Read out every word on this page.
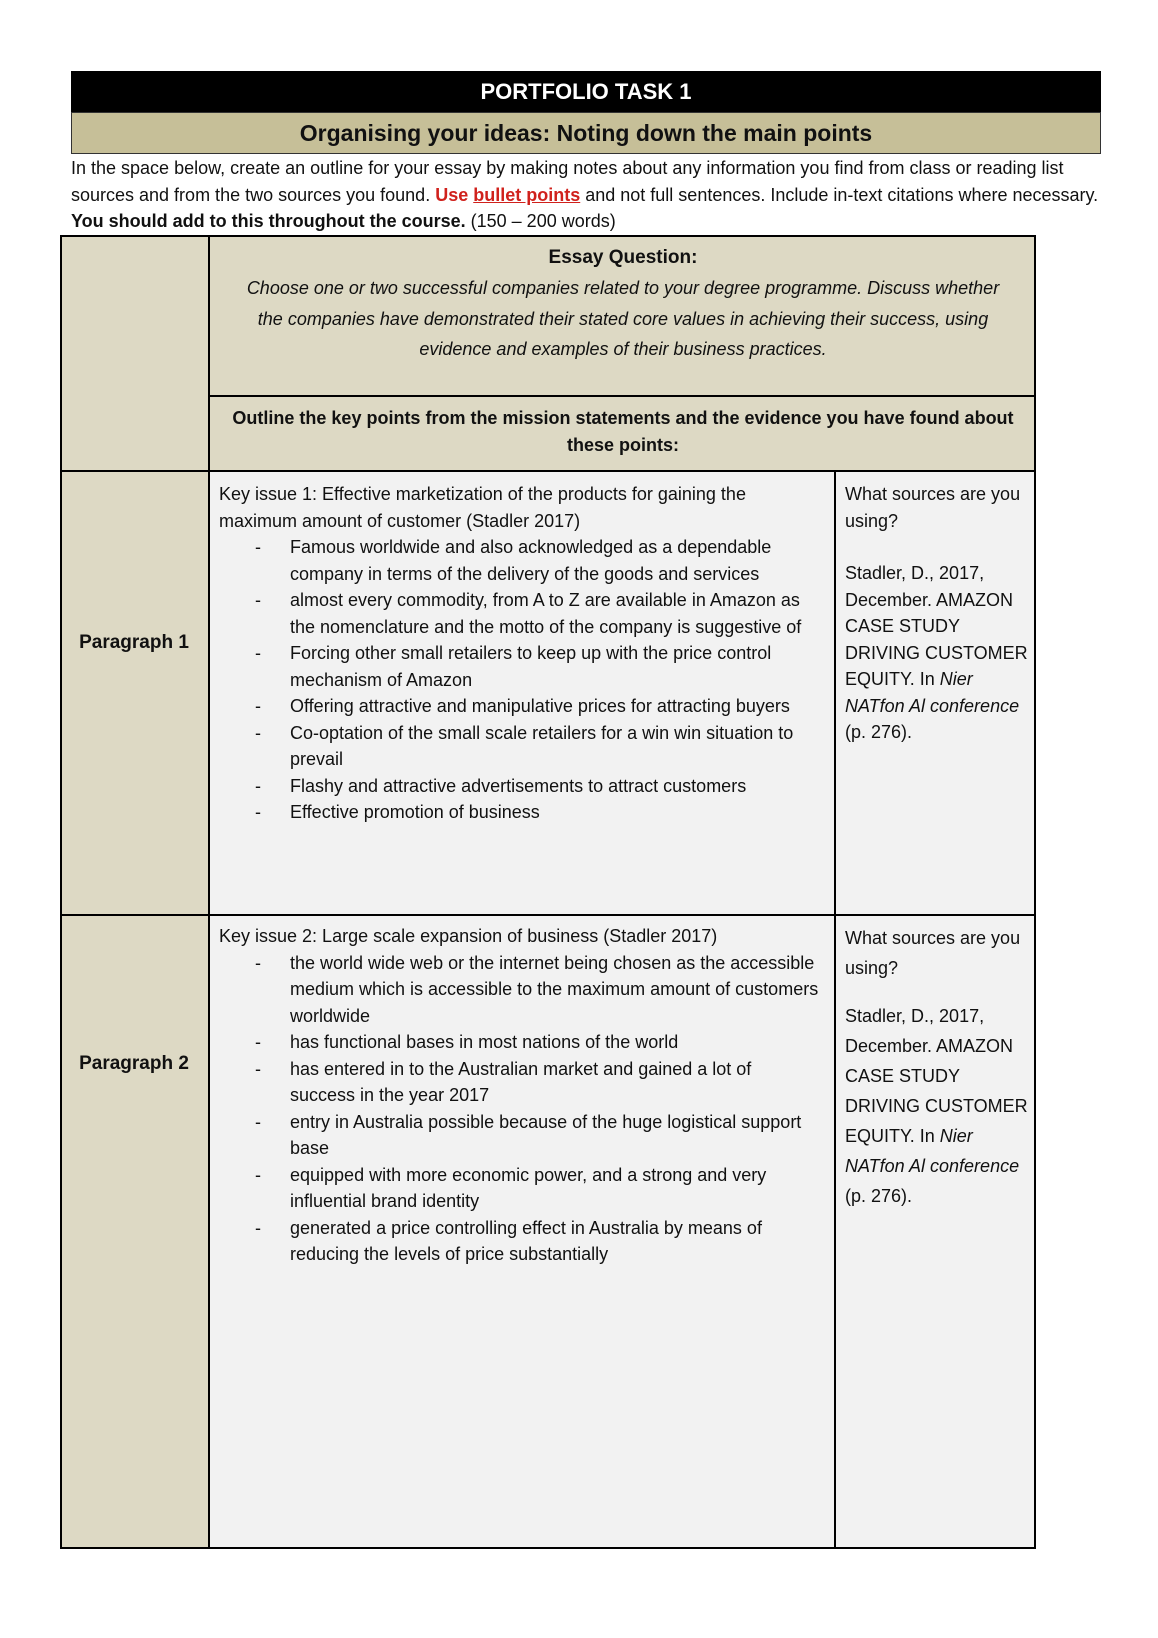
PORTFOLIO TASK 1
Organising your ideas: Noting down the main points
In the space below, create an outline for your essay by making notes about any information you find from class or reading list sources and from the two sources you found. Use bullet points and not full sentences. Include in-text citations where necessary. You should add to this throughout the course. (150 – 200 words)
Essay Question:
Choose one or two successful companies related to your degree programme. Discuss whether the companies have demonstrated their stated core values in achieving their success, using evidence and examples of their business practices.
Outline the key points from the mission statements and the evidence you have found about these points:
Paragraph 1
Key issue 1: Effective marketization of the products for gaining the maximum amount of customer (Stadler 2017)
- Famous worldwide and also acknowledged as a dependable company in terms of the delivery of the goods and services
- almost every commodity, from A to Z are available in Amazon as the nomenclature and the motto of the company is suggestive of
- Forcing other small retailers to keep up with the price control mechanism of Amazon
- Offering attractive and manipulative prices for attracting buyers
- Co-optation of the small scale retailers for a win win situation to prevail
- Flashy and attractive advertisements to attract customers
- Effective promotion of business

What sources are you using?

Stadler, D., 2017, December. AMAZON CASE STUDY DRIVING CUSTOMER EQUITY. In Nier NATfon Al conference (p. 276).

Paragraph 2
Key issue 2: Large scale expansion of business (Stadler 2017)
- the world wide web or the internet being chosen as the accessible medium which is accessible to the maximum amount of customers worldwide
- has functional bases in most nations of the world
- has entered in to the Australian market and gained a lot of success in the year 2017
- entry in Australia possible because of the huge logistical support base
- equipped with more economic power, and a strong and very influential brand identity
- generated a price controlling effect in Australia by means of reducing the levels of price substantially

What sources are you using?

Stadler, D., 2017, December. AMAZON CASE STUDY DRIVING CUSTOMER EQUITY. In Nier NATfon Al conference (p. 276).
